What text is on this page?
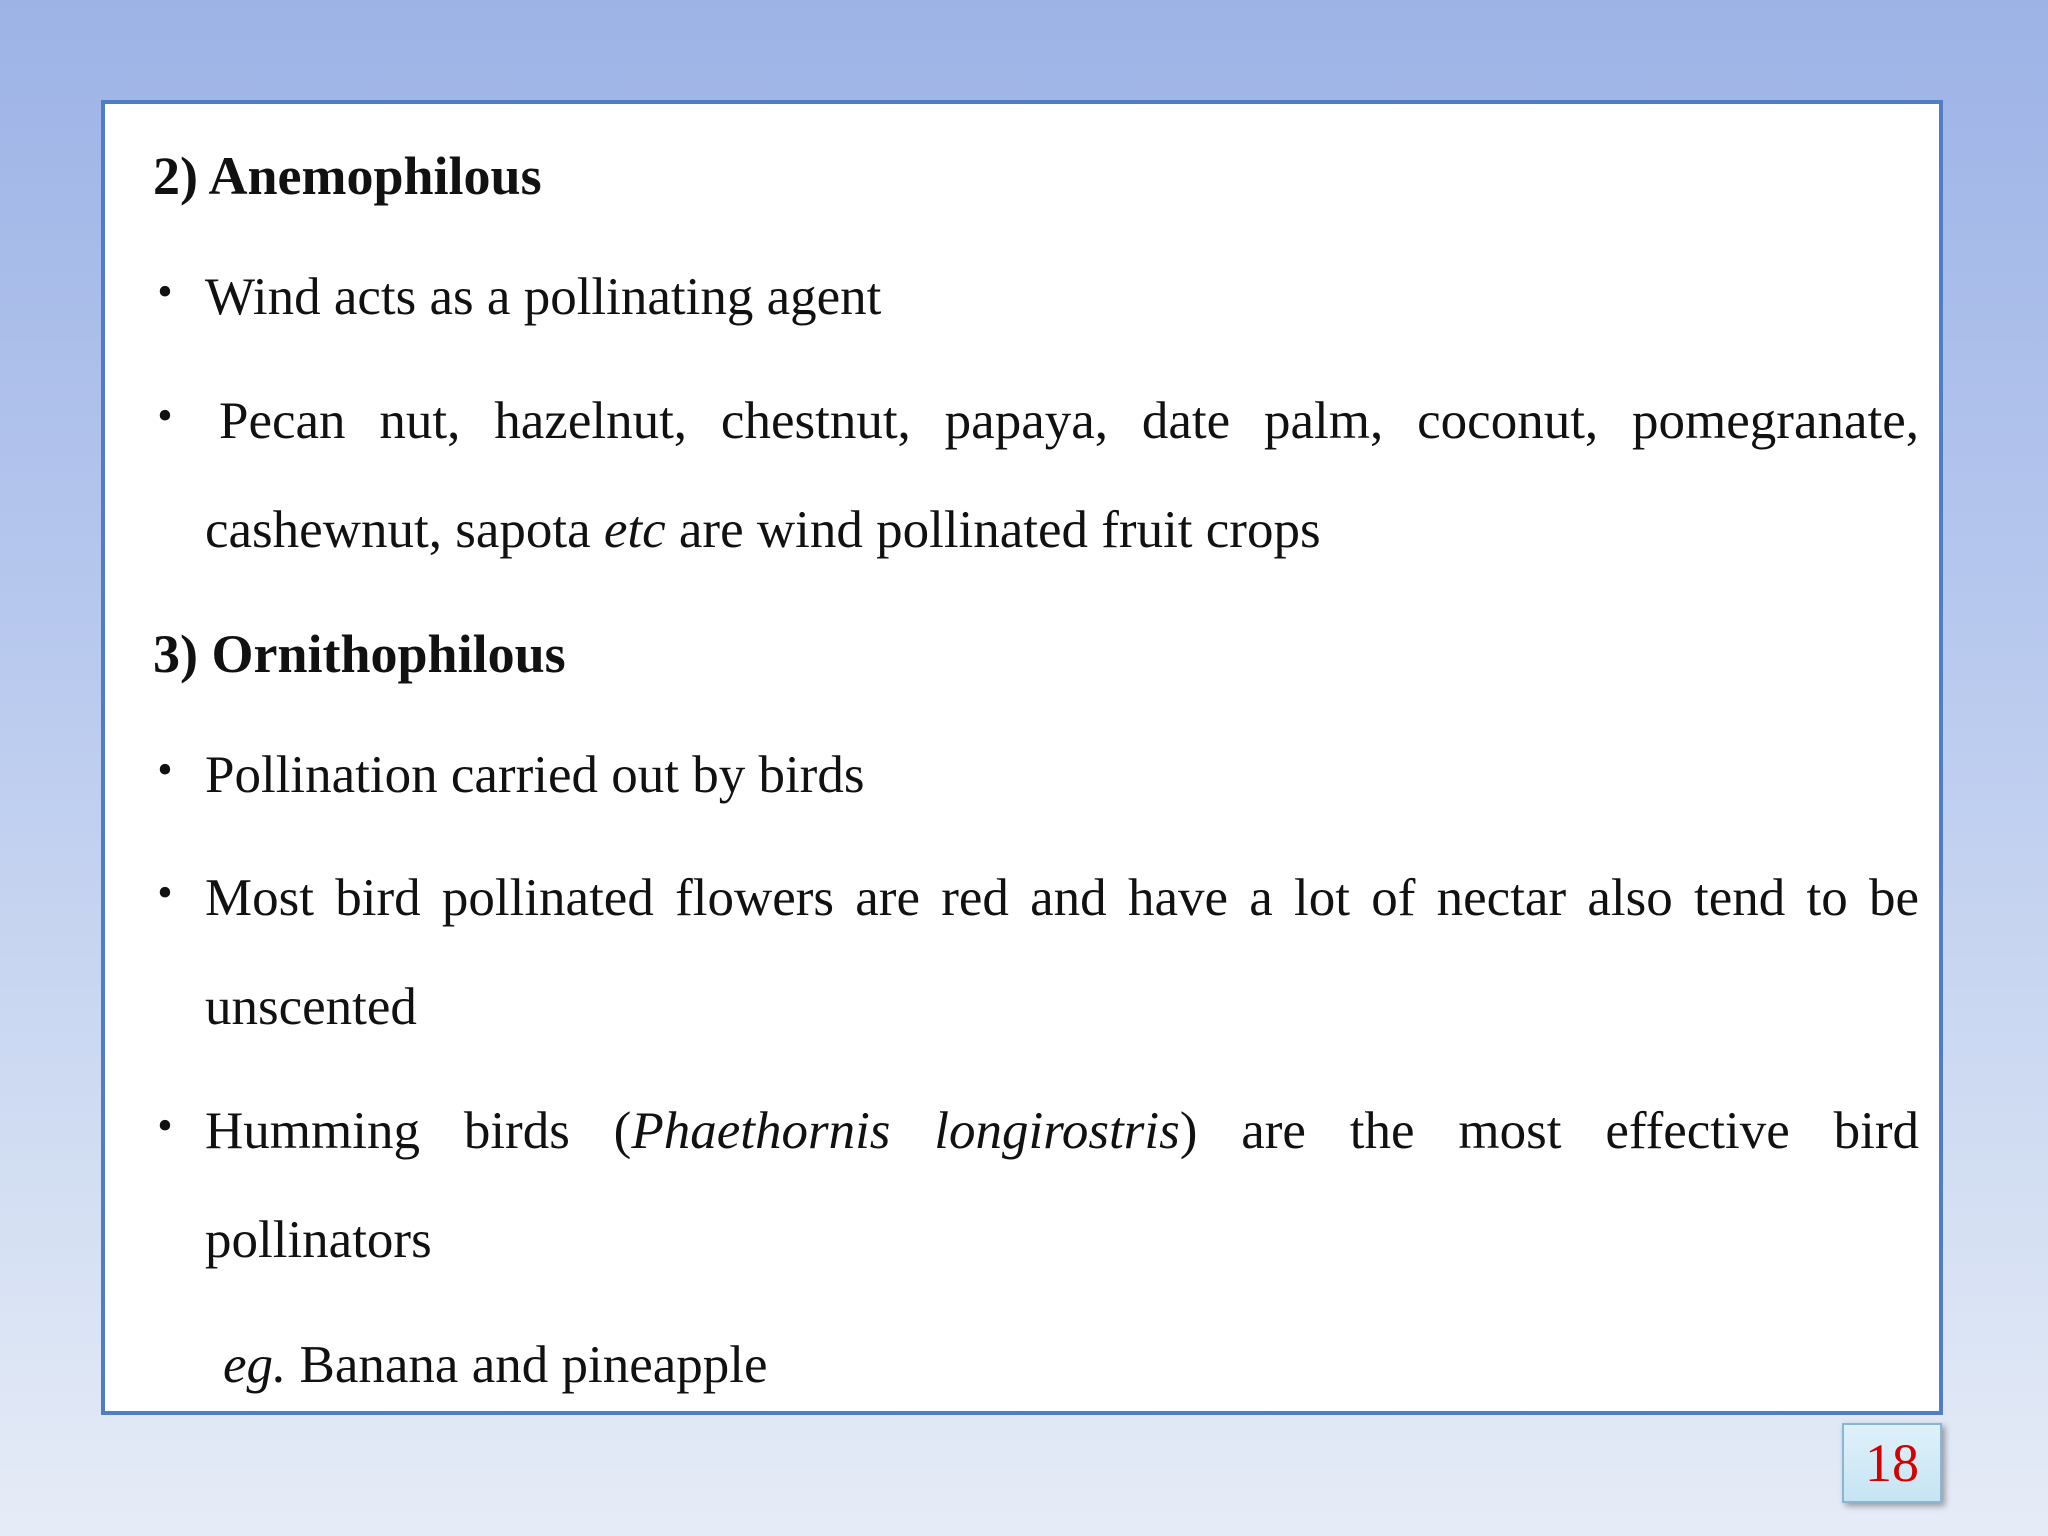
2) Anemophilous
• Wind acts as a pollinating agent
• Pecan nut, hazelnut, chestnut, papaya, date palm, coconut, pomegranate,
cashewnut, sapota etc are wind pollinated fruit crops
3) Ornithophilous
• Pollination carried out by birds
• Most bird pollinated flowers are red and have a lot of nectar also tend to be
unscented
• Humming birds (Phaethornis longirostris) are the most effective bird
pollinators
eg. Banana and pineapple
18
